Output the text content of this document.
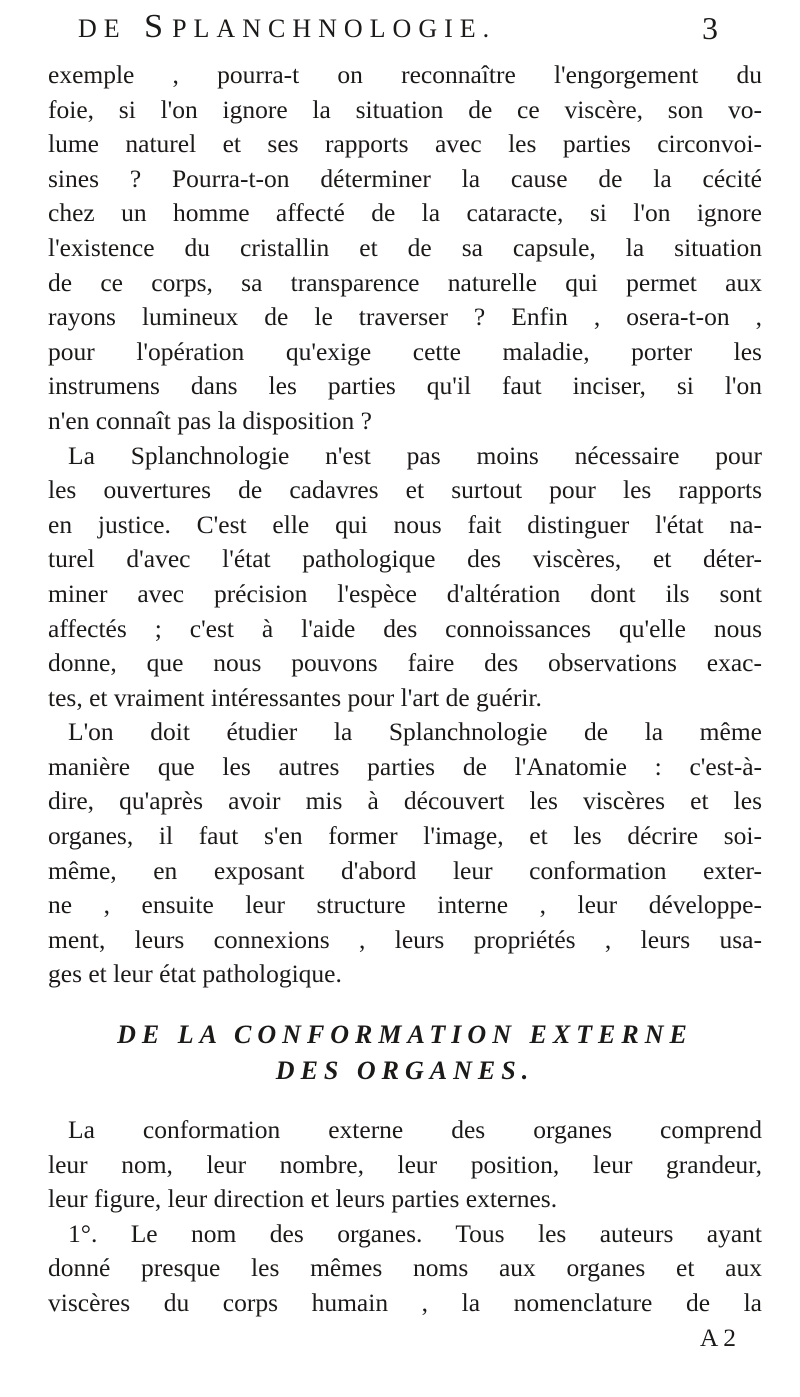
DE SPLANCHNOLOGIE.	3
exemple , pourra-t on reconnaître l'engorgement du
foie, si l'on ignore la situation de ce viscère, son vo-
lume naturel et ses rapports avec les parties circonvoi-
sines ? Pourra-t-on déterminer la cause de la cécité
chez un homme affecté de la cataracte, si l'on ignore
l'existence du cristallin et de sa capsule, la situation
de ce corps, sa transparence naturelle qui permet aux
rayons lumineux de le traverser ? Enfin , osera-t-on ,
pour l'opération qu'exige cette maladie, porter les
instrumens dans les parties qu'il faut inciser, si l'on
n'en connaît pas la disposition ?
La Splanchnologie n'est pas moins nécessaire pour
les ouvertures de cadavres et surtout pour les rapports
en justice. C'est elle qui nous fait distinguer l'état na-
turel d'avec l'état pathologique des viscères, et déter-
miner avec précision l'espèce d'altération dont ils sont
affectés ; c'est à l'aide des connoissances qu'elle nous
donne, que nous pouvons faire des observations exac-
tes, et vraiment intéressantes pour l'art de guérir.
L'on doit étudier la Splanchnologie de la même
manière que les autres parties de l'Anatomie : c'est-à-
dire, qu'après avoir mis à découvert les viscères et les
organes, il faut s'en former l'image, et les décrire soi-
même, en exposant d'abord leur conformation exter-
ne , ensuite leur structure interne , leur développe-
ment, leurs connexions , leurs propriétés , leurs usa-
ges et leur état pathologique.
DE LA CONFORMATION EXTERNE
DES ORGANES.
La conformation externe des organes comprend
leur nom, leur nombre, leur position, leur grandeur,
leur figure, leur direction et leurs parties externes.
1°. Le nom des organes. Tous les auteurs ayant
donné presque les mêmes noms aux organes et aux
viscères du corps humain , la nomenclature de la
A 2
